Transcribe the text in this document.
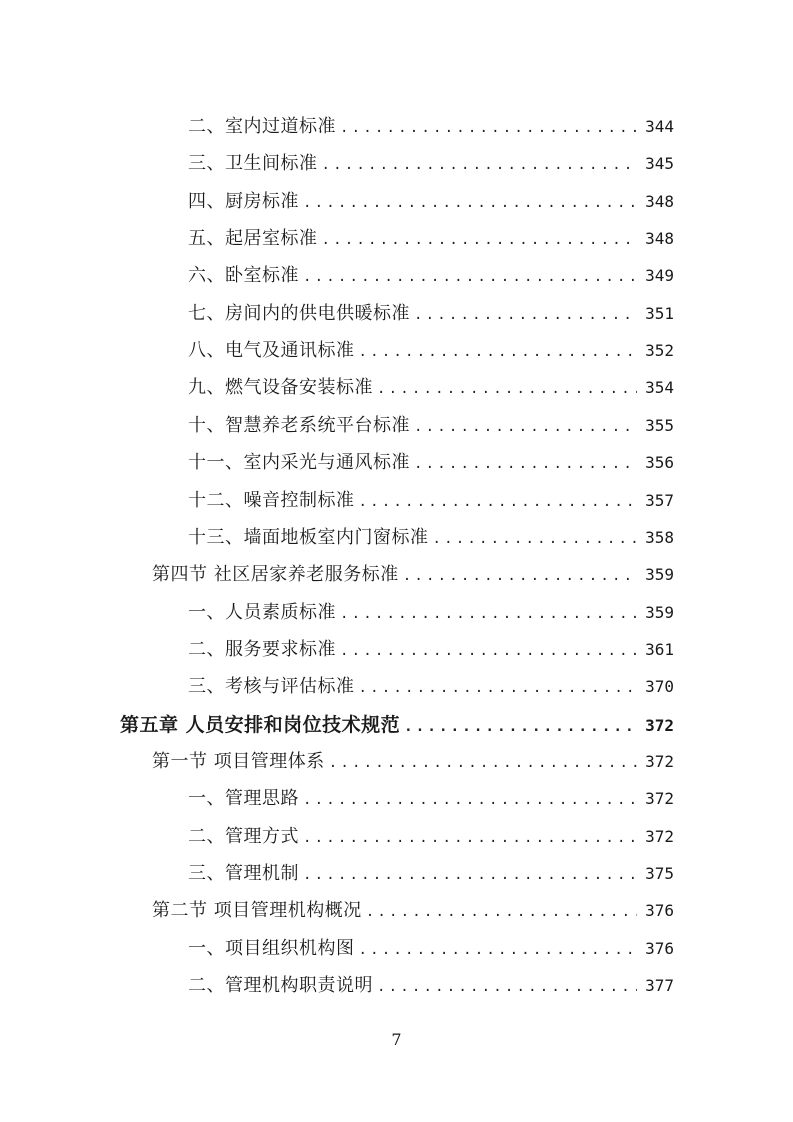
二、室内过道标准 .....	344
三、卫生间标准 .....	345
四、厨房标准 .....	348
五、起居室标准 .....	348
六、卧室标准 .....	349
七、房间内的供电供暖标准 .....	351
八、电气及通讯标准 .....	352
九、燃气设备安装标准 .....	354
十、智慧养老系统平台标准 .....	355
十一、室内采光与通风标准 .....	356
十二、噪音控制标准 .....	357
十三、墙面地板室内门窗标准 .....	358
第四节 社区居家养老服务标准 .....	359
一、人员素质标准 .....	359
二、服务要求标准 .....	361
三、考核与评估标准 .....	370
第五章 人员安排和岗位技术规范 .....	372
第一节 项目管理体系 .....	372
一、管理思路 .....	372
二、管理方式 .....	372
三、管理机制 .....	375
第二节 项目管理机构概况 .....	376
一、项目组织机构图 .....	376
二、管理机构职责说明 .....	377
7
